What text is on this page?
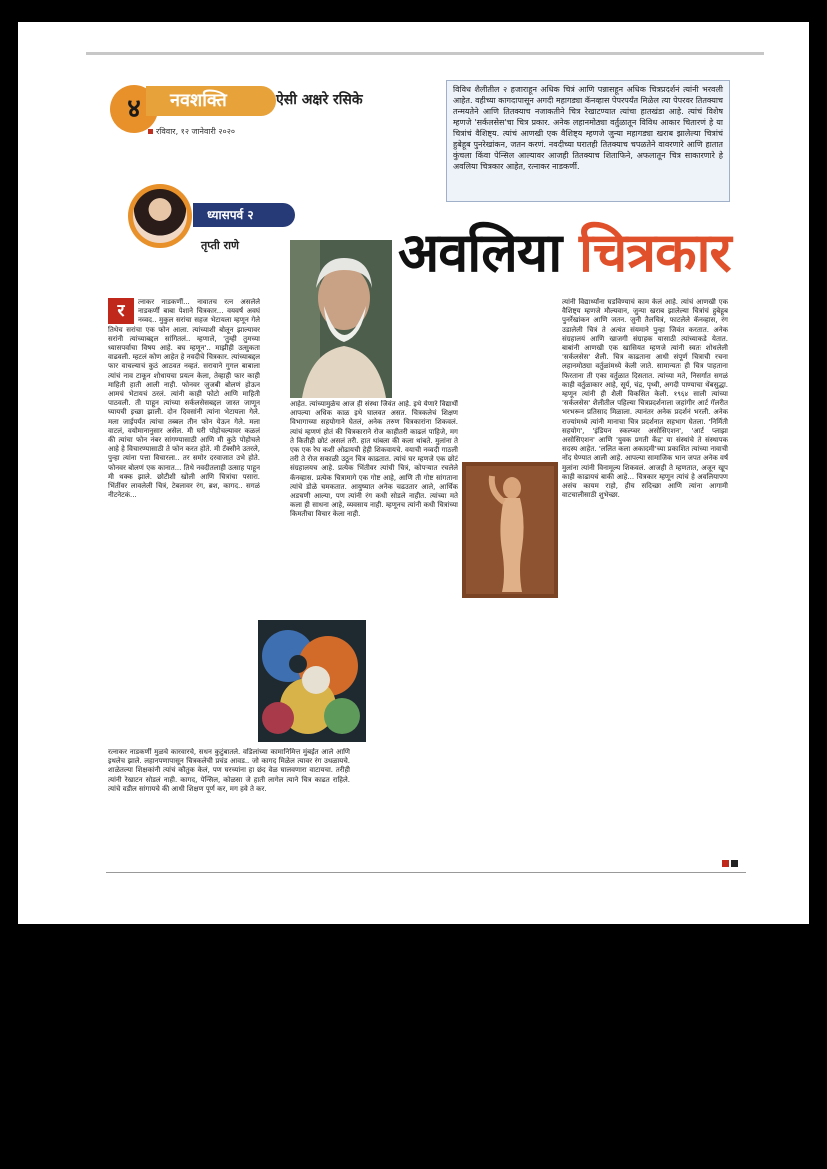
४	नवशक्ति	ऐसी अक्षरे रसिके
रविवार, १२ जानेवारी २०२०
विविध शैलीतील २ हजाराहून अधिक चित्रं आणि पन्नासहून अधिक चित्रप्रदर्शनं त्यांनी भरवली आहेत. वहीच्या कागदापासून अगदी महागड्या कॅनव्हास पेपरपर्यंत मिळेल त्या पेपरवर तितक्याच तन्मयतेने आणि तितक्याच नजाकतीने चित्र रेखाटण्यात त्यांचा हातखंडा आहे. त्यांचं विशेष म्हणजे 'सर्कलसेस'चा चित्र प्रकार. अनेक लहानमोठ्या वर्तुळातून विविध आकार चितारणं हे या चित्रांचं वैशिष्ट्य. त्यांचं आणखी एक वैशिष्ट्य म्हणजे जुन्या महागड्या खराब झालेल्या चित्रांचं हुबेहूब पुनरेखांकन, जतन करणं. नवदीच्या घरातही तितक्याच चपळतेने वावरणारे आणि हातात कुंचला किंवा पेन्सिल आल्यावर आजही तितक्याच शिताफिने, अफलातून चित्र साकारणारे हे अवलिया चित्रकार आहेत, रत्नाकर नाडकर्णी.
ध्यासपर्व २
तृप्ती राणे	अवलिया चित्रकार
र	त्नाकर नाडकर्णी... नावातच रत्न असलेले नाडकर्णी बाबा पेशाने चित्रकार... वयवर्षं अवघं नव्वद.. मुकुल सरांचा सहज भेटायला म्हणून गेले तिथेच सरांचा एक फोन आला. त्यांच्याशी बोलून झाल्यावर सरांनी त्यांच्याबद्दल सांगितलं.. म्हणाले, 'तुम्ही तुमच्या ध्यासपर्वाचा विषय आहे. बघ म्हणून'.. माझीही उत्सुकता वाढवली. म्हटलं कोण आहेत हे नवदीचे चित्रकार. त्यांच्याबद्दल फार वाचल्याचं कुठं आठवत नव्हतं. सरावाने गुगल बाबाला त्यांचं नाव टाकून शोधायचा प्रयत्न केला, तेव्हाही फार काही माहिती हाती आली नाही. फोनवर जुजबी बोलणं होऊन आमचं भेटायचं ठरलं. त्यांनी काही फोटो आणि माहिती पाठवली. ती पाहून त्यांच्या सर्कलसेसबद्दल जास्त जाणून घ्यायची इच्छा झाली. दोन दिवसांनी त्यांना भेटायला गेले. मला जाईपर्यंत त्यांचा तब्बल तीन फोन येऊन गेले. मला वाटलं, वयोमानानुसार असेल. मी घरी पोहोचल्यावर कळलं की त्यांचा फोन नंबर सांगण्यासाठी आणि मी कुठे पोहोचले आहे हे विचारण्यासाठी ते फोन करत होते. मी टॅक्सीने उतरले, पुन्हा त्यांना पत्ता विचारला.. तर समोर दरवाजात उभे होते. फोनवर बोलणं एक कानात... तिथे नवदीतलाही उत्साह पाहून मी थक्क झाले. छोटीशी खोली आणि चित्रांचा पसारा. भिंतींवर लावलेली चित्रं, टेबलावर रंग, ब्रश, कागद.. सगळं नीटनेटकं...
रत्नाकर नाडकर्णी मुळचे कारवारचे, सधन कुटुंबातले. वडिलांच्या कामानिमित्त मुंबईत आले आणि इथलेच झाले. लहानपणापासून चित्रकलेची प्रचंड आवड.. जो कागद मिळेल त्यावर रंग उधळायचे. शाळेतल्या शिक्षकांनी त्यांचं कौतुक केलं, पण घरच्यांना हा छंद वेळ घालवणारा वाटायचा. तरीही त्यांनी रेखाटन सोडलं नाही. कागद, पेन्सिल, कोळसा जे हाती लागेल त्याने चित्र काढत राहिले. त्यांचे वडील सांगायचे की आधी शिक्षण पूर्ण कर, मग हवे ते कर.
आहेत. त्यांच्यामुळेच आज ही संस्था जिवंत आहे. इथे येणारे विद्यार्थी आपल्या अधिक काळ इथे घालवत असत. चित्रकलेचं शिक्षण विभागाच्या सहयोगाने घेतलं, अनेक तरुण चित्रकारांना शिकवलं. त्यांचं म्हणणं होतं की चित्रकाराने रोज काहीतरी काढलं पाहिजे, मग ते कितीही छोटं असलं तरी. हात थांबला की कला थांबते. मुलांना ते एक एक रेघ कशी ओढायची हेही शिकवायचे. वयाची नव्वदी गाठली तरी ते रोज सकाळी उठून चित्र काढतात. त्यांचं घर म्हणजे एक छोटं संग्रहालयच आहे. प्रत्येक भिंतीवर त्यांची चित्रं, कोपऱ्यात रचलेले कॅनव्हास. प्रत्येक चित्रामागे एक गोष्ट आहे, आणि ती गोष्ट सांगताना त्यांचे डोळे चमकतात. आयुष्यात अनेक चढउतार आले, आर्थिक अडचणी आल्या, पण त्यांनी रंग कधी सोडले नाहीत. त्यांच्या मते कला ही साधना आहे, व्यवसाय नाही. म्हणूनच त्यांनी कधी चित्रांच्या किमतीचा विचार केला नाही.
त्यांनी विद्यार्थ्यांना घडविण्याचं काम केलं आहे. त्यांचं आणखी एक वैशिष्ट्य म्हणजे मौल्यवान, जुन्या खराब झालेल्या चित्रांचं हुबेहूब पुनर्रेखांकन आणि जतन. जुनी तैलचित्रं, फाटलेले कॅनव्हास, रंग उडालेली चित्रं ते अत्यंत संयमाने पुन्हा जिवंत करतात. अनेक संग्रहालयं आणि खाजगी संग्राहक यासाठी त्यांच्याकडे येतात. बाबांनी आणखी एक खासियत म्हणजे त्यांनी स्वतः शोधलेली 'सर्कलसेस' शैली. चित्र काढताना आधी संपूर्ण चित्राची रचना लहानमोठ्या वर्तुळांमध्ये केली जाते. सामान्यतः ही चित्र पाहताना फिरताना ती एका वर्तुळात दिसतात. त्यांच्या मते, निसर्गात सगळं काही वर्तुळाकार आहे, सूर्य, चंद्र, पृथ्वी, अगदी पाण्याचा थेंबसुद्धा. म्हणून त्यांनी ही शैली विकसित केली. १९६४ साली त्यांच्या 'सर्कलसेस' शैलीतील पहिल्या चित्रप्रदर्शनाला जहांगीर आर्ट गॅलरीत भरभरून प्रतिसाद मिळाला. त्यानंतर अनेक प्रदर्शनं भरली. अनेक राज्यांमध्ये त्यांनी मानाचा चित्र प्रदर्शनात सहभाग घेतला. 'निर्मिती सहयोग', 'इंडियन स्कल्प्चर असोसिएशन', 'आर्ट प्लाझा असोसिएशन' आणि 'युवक प्रगती केंद्र' या संस्थांचे ते संस्थापक सदस्य आहेत. 'ललित कला अकादमी'च्या प्रकाशित त्यांच्या नावाची नोंद घेण्यात आली आहे. आपल्या सामाजिक भान जपत अनेक वर्षं मुलांना त्यांनी विनामूल्य शिकवलं. आजही ते म्हणतात, अजून खूप काही काढायचं बाकी आहे... चित्रकार म्हणून त्यांचं हे अवलियापण असंच कायम राहो, हीच सदिच्छा आणि त्यांना आगामी वाटचालीसाठी शुभेच्छा.
